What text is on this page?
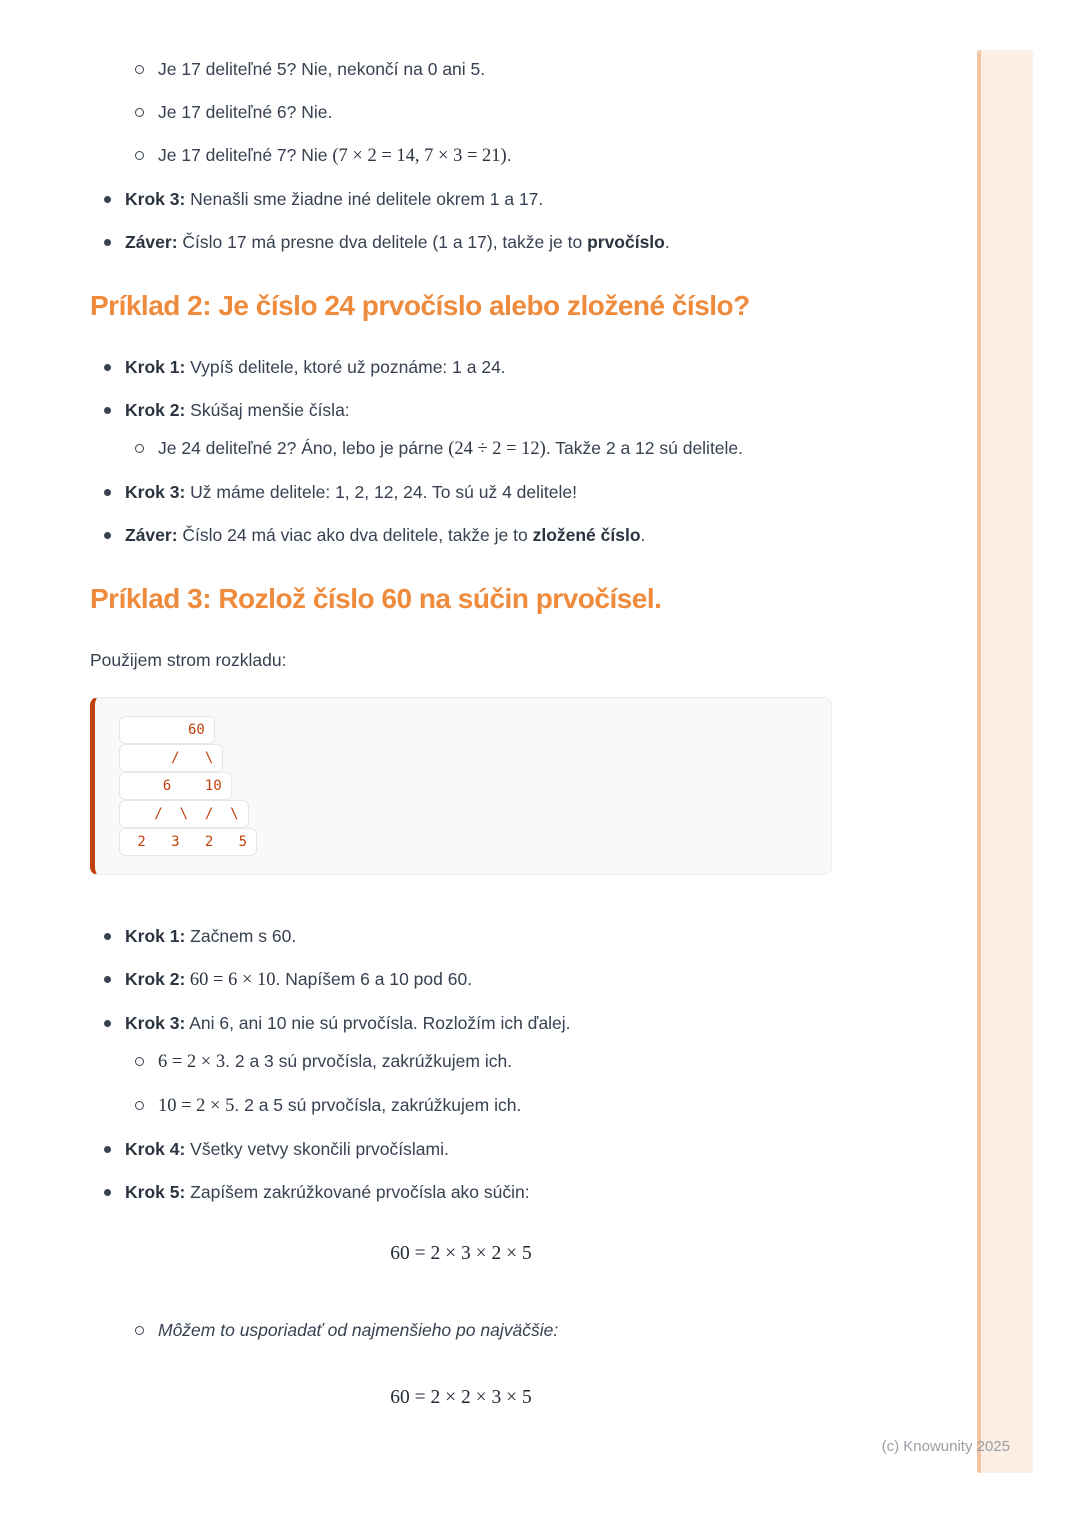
Je 17 deliteľné 5? Nie, nekončí na 0 ani 5.

Je 17 deliteľné 6? Nie.

Je 17 deliteľné 7? Nie (7 × 2 = 14, 7 × 3 = 21).

Krok 3: Nenašli sme žiadne iné delitele okrem 1 a 17.

Záver: Číslo 17 má presne dva delitele (1 a 17), takže je to prvočíslo.

Príklad 2: Je číslo 24 prvočíslo alebo zložené číslo?

Krok 1: Vypíš delitele, ktoré už poznáme: 1 a 24.

Krok 2: Skúšaj menšie čísla:

Je 24 deliteľné 2? Áno, lebo je párne (24 ÷ 2 = 12). Takže 2 a 12 sú delitele.

Krok 3: Už máme delitele: 1, 2, 12, 24. To sú už 4 delitele!

Záver: Číslo 24 má viac ako dva delitele, takže je to zložené číslo.

Príklad 3: Rozlož číslo 60 na súčin prvočísel.

Použijem strom rozkladu:

60
/   \
6    10
/  \  /  \
2   3   2   5

Krok 1: Začnem s 60.

Krok 2: 60 = 6 × 10. Napíšem 6 a 10 pod 60.

Krok 3: Ani 6, ani 10 nie sú prvočísla. Rozložím ich ďalej.

6 = 2 × 3. 2 a 3 sú prvočísla, zakrúžkujem ich.

10 = 2 × 5. 2 a 5 sú prvočísla, zakrúžkujem ich.

Krok 4: Všetky vetvy skončili prvočíslami.

Krok 5: Zapíšem zakrúžkované prvočísla ako súčin:

60 = 2 × 3 × 2 × 5

Môžem to usporiadať od najmenšieho po najväčšie:

60 = 2 × 2 × 3 × 5
(c) Knowunity 2025
